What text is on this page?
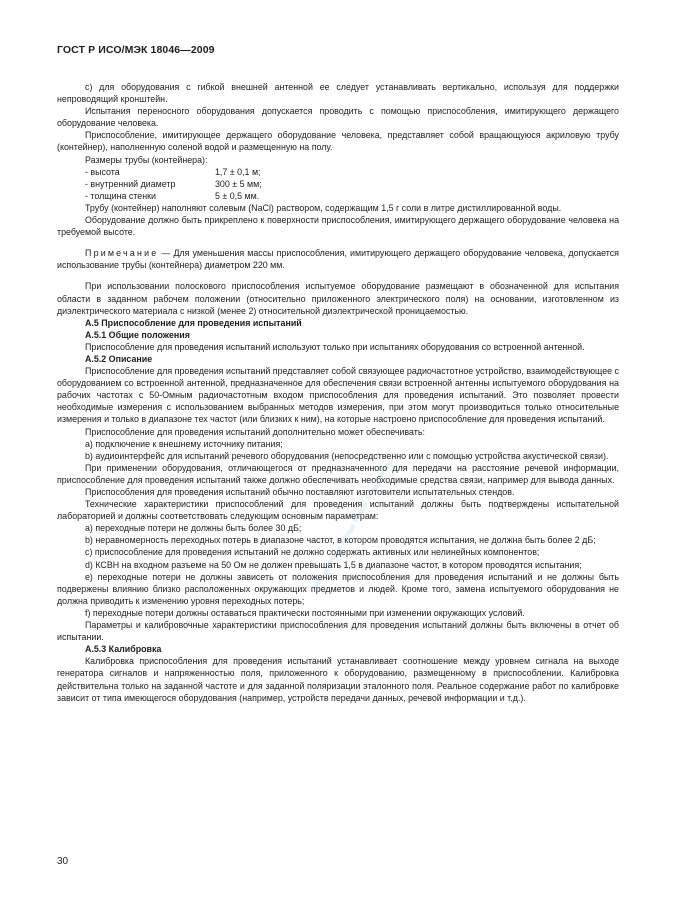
~~~~~~
ГОСТ Р ИСО/МЭК 18046—2009

с) для оборудования с гибкой внешней антенной ее следует устанавливать вертикально, используя для поддержки непроводящий кронштейн.

Испытания переносного оборудования допускается проводить с помощью приспособления, имитирующего держащего оборудование человека.

Приспособление, имитирующее держащего оборудование человека, представляет собой вращающуюся акриловую трубу (контейнер), наполненную соленой водой и размещенную на полу.

Размеры трубы (контейнера):

- высота	1,7 ± 0,1 м;
- внутренний диаметр	300 ± 5 мм;
- толщина стенки	5 ± 0,5 мм.

Трубу (контейнер) наполняют солевым (NaCl) раствором, содержащим 1,5 г соли в литре дистиллированной воды.

Оборудование должно быть прикреплено к поверхности приспособления, имитирующего держащего оборудование человека на требуемой высоте.

Примечание — Для уменьшения массы приспособления, имитирующего держащего оборудование человека, допускается использование трубы (контейнера) диаметром 220 мм.

При использовании полоскового приспособления испытуемое оборудование размещают в обозначенной для испытания области в заданном рабочем положении (относительно приложенного электрического поля) на основании, изготовленном из диэлектрического материала с низкой (менее 2) относительной диэлектрической проницаемостью.

А.5 Приспособление для проведения испытаний

А.5.1 Общие положения

Приспособление для проведения испытаний используют только при испытаниях оборудования со встроенной антенной.

А.5.2 Описание

Приспособление для проведения испытаний представляет собой связующее радиочастотное устройство, взаимодействующее с оборудованием со встроенной антенной, предназначенное для обеспечения связи встроенной антенны испытуемого оборудования на рабочих частотах с 50-Омным радиочастотным входом приспособления для проведения испытаний. Это позволяет провести необходимые измерения с использованием выбранных методов измерения, при этом могут производиться только относительные измерения и только в диапазоне тех частот (или близких к ним), на которые настроено приспособление для проведения испытаний.

Приспособление для проведения испытаний дополнительно может обеспечивать:

а) подключение к внешнему источнику питания;

b) аудиоинтерфейс для испытаний речевого оборудования (непосредственно или с помощью устройства акустической связи).

При применении оборудования, отличающегося от предназначенного для передачи на расстояние речевой информации, приспособление для проведения испытаний также должно обеспечивать необходимые средства связи, например для вывода данных.

Приспособления для проведения испытаний обычно поставляют изготовители испытательных стендов.

Технические характеристики приспособлений для проведения испытаний должны быть подтверждены испытательной лабораторией и должны соответствовать следующим основным параметрам:

а) переходные потери не должны быть более 30 дБ;

b) неравномерность переходных потерь в диапазоне частот, в котором проводятся испытания, не должна быть более 2 дБ;

с) приспособление для проведения испытаний не должно содержать активных или нелинейных компонентов;

d) КСВН на входном разъеме на 50 Ом не должен превышать 1,5 в диапазоне частот, в котором проводятся испытания;

е) переходные потери не должны зависеть от положения приспособления для проведения испытаний и не должны быть подвержены влиянию близко расположенных окружающих предметов и людей. Кроме того, замена испытуемого оборудования не должна приводить к изменению уровня переходных потерь;

f) переходные потери должны оставаться практически постоянными при изменении окружающих условий.

Параметры и калибровочные характеристики приспособления для проведения испытаний должны быть включены в отчет об испытании.

А.5.3 Калибровка

Калибровка приспособления для проведения испытаний устанавливает соотношение между уровнем сигнала на выходе генератора сигналов и напряженностью поля, приложенного к оборудованию, размещенному в приспособлении. Калибровка действительна только на заданной частоте и для заданной поляризации эталонного поля. Реальное содержание работ по калибровке зависит от типа имеющегося оборудования (например, устройств передачи данных, речевой информации и т.д.).

30
